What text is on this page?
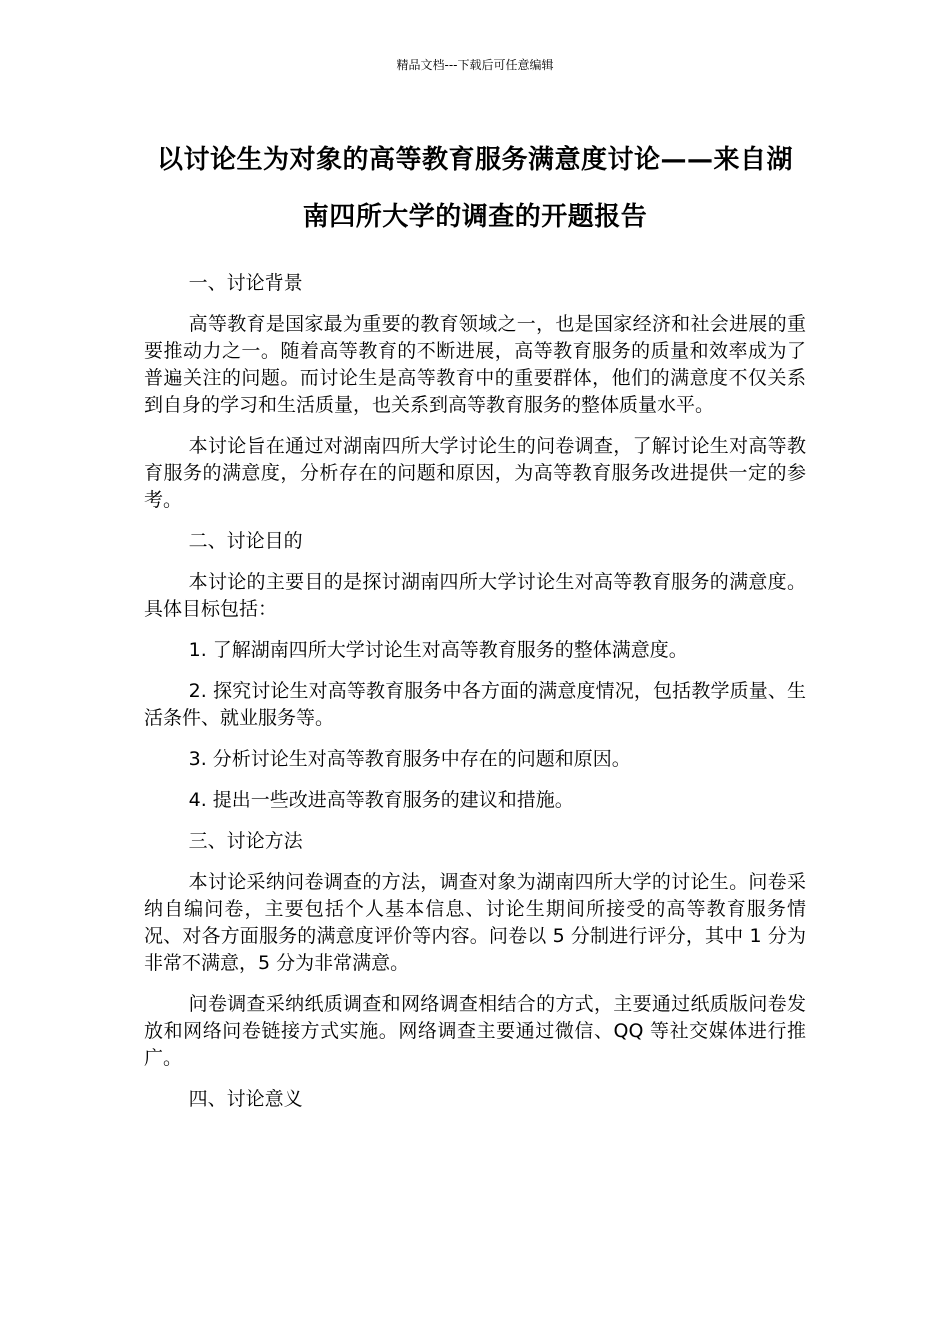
精品文档---下载后可任意编辑
以讨论生为对象的高等教育服务满意度讨论——来自湖南四所大学的调查的开题报告

一、讨论背景

高等教育是国家最为重要的教育领域之一，也是国家经济和社会进展的重要推动力之一。随着高等教育的不断进展，高等教育服务的质量和效率成为了普遍关注的问题。而讨论生是高等教育中的重要群体，他们的满意度不仅关系到自身的学习和生活质量，也关系到高等教育服务的整体质量水平。

本讨论旨在通过对湖南四所大学讨论生的问卷调查，了解讨论生对高等教育服务的满意度，分析存在的问题和原因，为高等教育服务改进提供一定的参考。

二、讨论目的

本讨论的主要目的是探讨湖南四所大学讨论生对高等教育服务的满意度。具体目标包括：

1. 了解湖南四所大学讨论生对高等教育服务的整体满意度。

2. 探究讨论生对高等教育服务中各方面的满意度情况，包括教学质量、生活条件、就业服务等。

3. 分析讨论生对高等教育服务中存在的问题和原因。

4. 提出一些改进高等教育服务的建议和措施。

三、讨论方法

本讨论采纳问卷调查的方法，调查对象为湖南四所大学的讨论生。问卷采纳自编问卷，主要包括个人基本信息、讨论生期间所接受的高等教育服务情况、对各方面服务的满意度评价等内容。问卷以 5 分制进行评分，其中 1 分为非常不满意，5 分为非常满意。

问卷调查采纳纸质调查和网络调查相结合的方式，主要通过纸质版问卷发放和网络问卷链接方式实施。网络调查主要通过微信、QQ 等社交媒体进行推广。

四、讨论意义
